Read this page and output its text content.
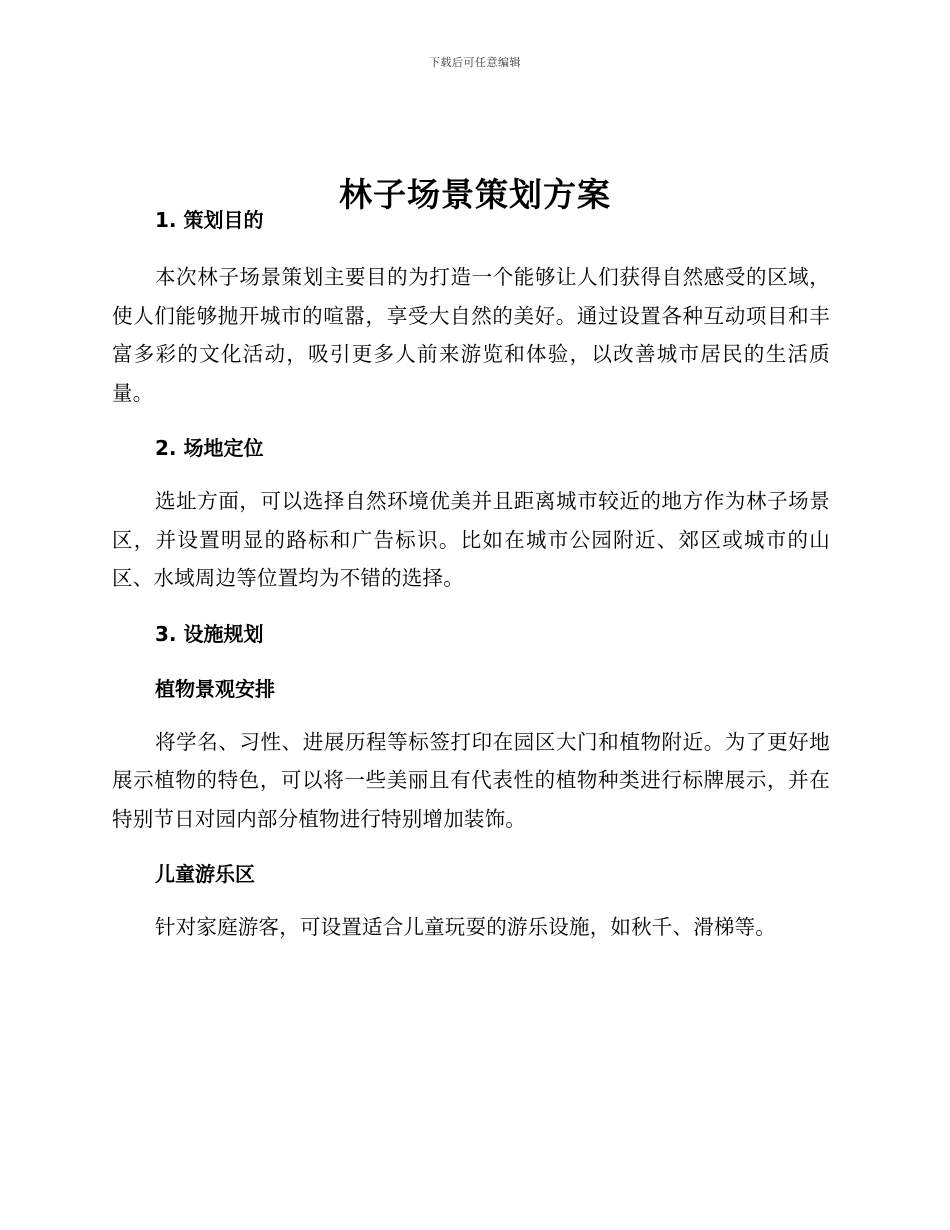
下载后可任意编辑
林子场景策划方案
1. 策划目的

本次林子场景策划主要目的为打造一个能够让人们获得自然感受的区域，使人们能够抛开城市的喧嚣，享受大自然的美好。通过设置各种互动项目和丰富多彩的文化活动，吸引更多人前来游览和体验，以改善城市居民的生活质量。

2. 场地定位

选址方面，可以选择自然环境优美并且距离城市较近的地方作为林子场景区，并设置明显的路标和广告标识。比如在城市公园附近、郊区或城市的山区、水域周边等位置均为不错的选择。

3. 设施规划
植物景观安排

将学名、习性、进展历程等标签打印在园区大门和植物附近。为了更好地展示植物的特色，可以将一些美丽且有代表性的植物种类进行标牌展示，并在特别节日对园内部分植物进行特别增加装饰。

儿童游乐区

针对家庭游客，可设置适合儿童玩耍的游乐设施，如秋千、滑梯等。
